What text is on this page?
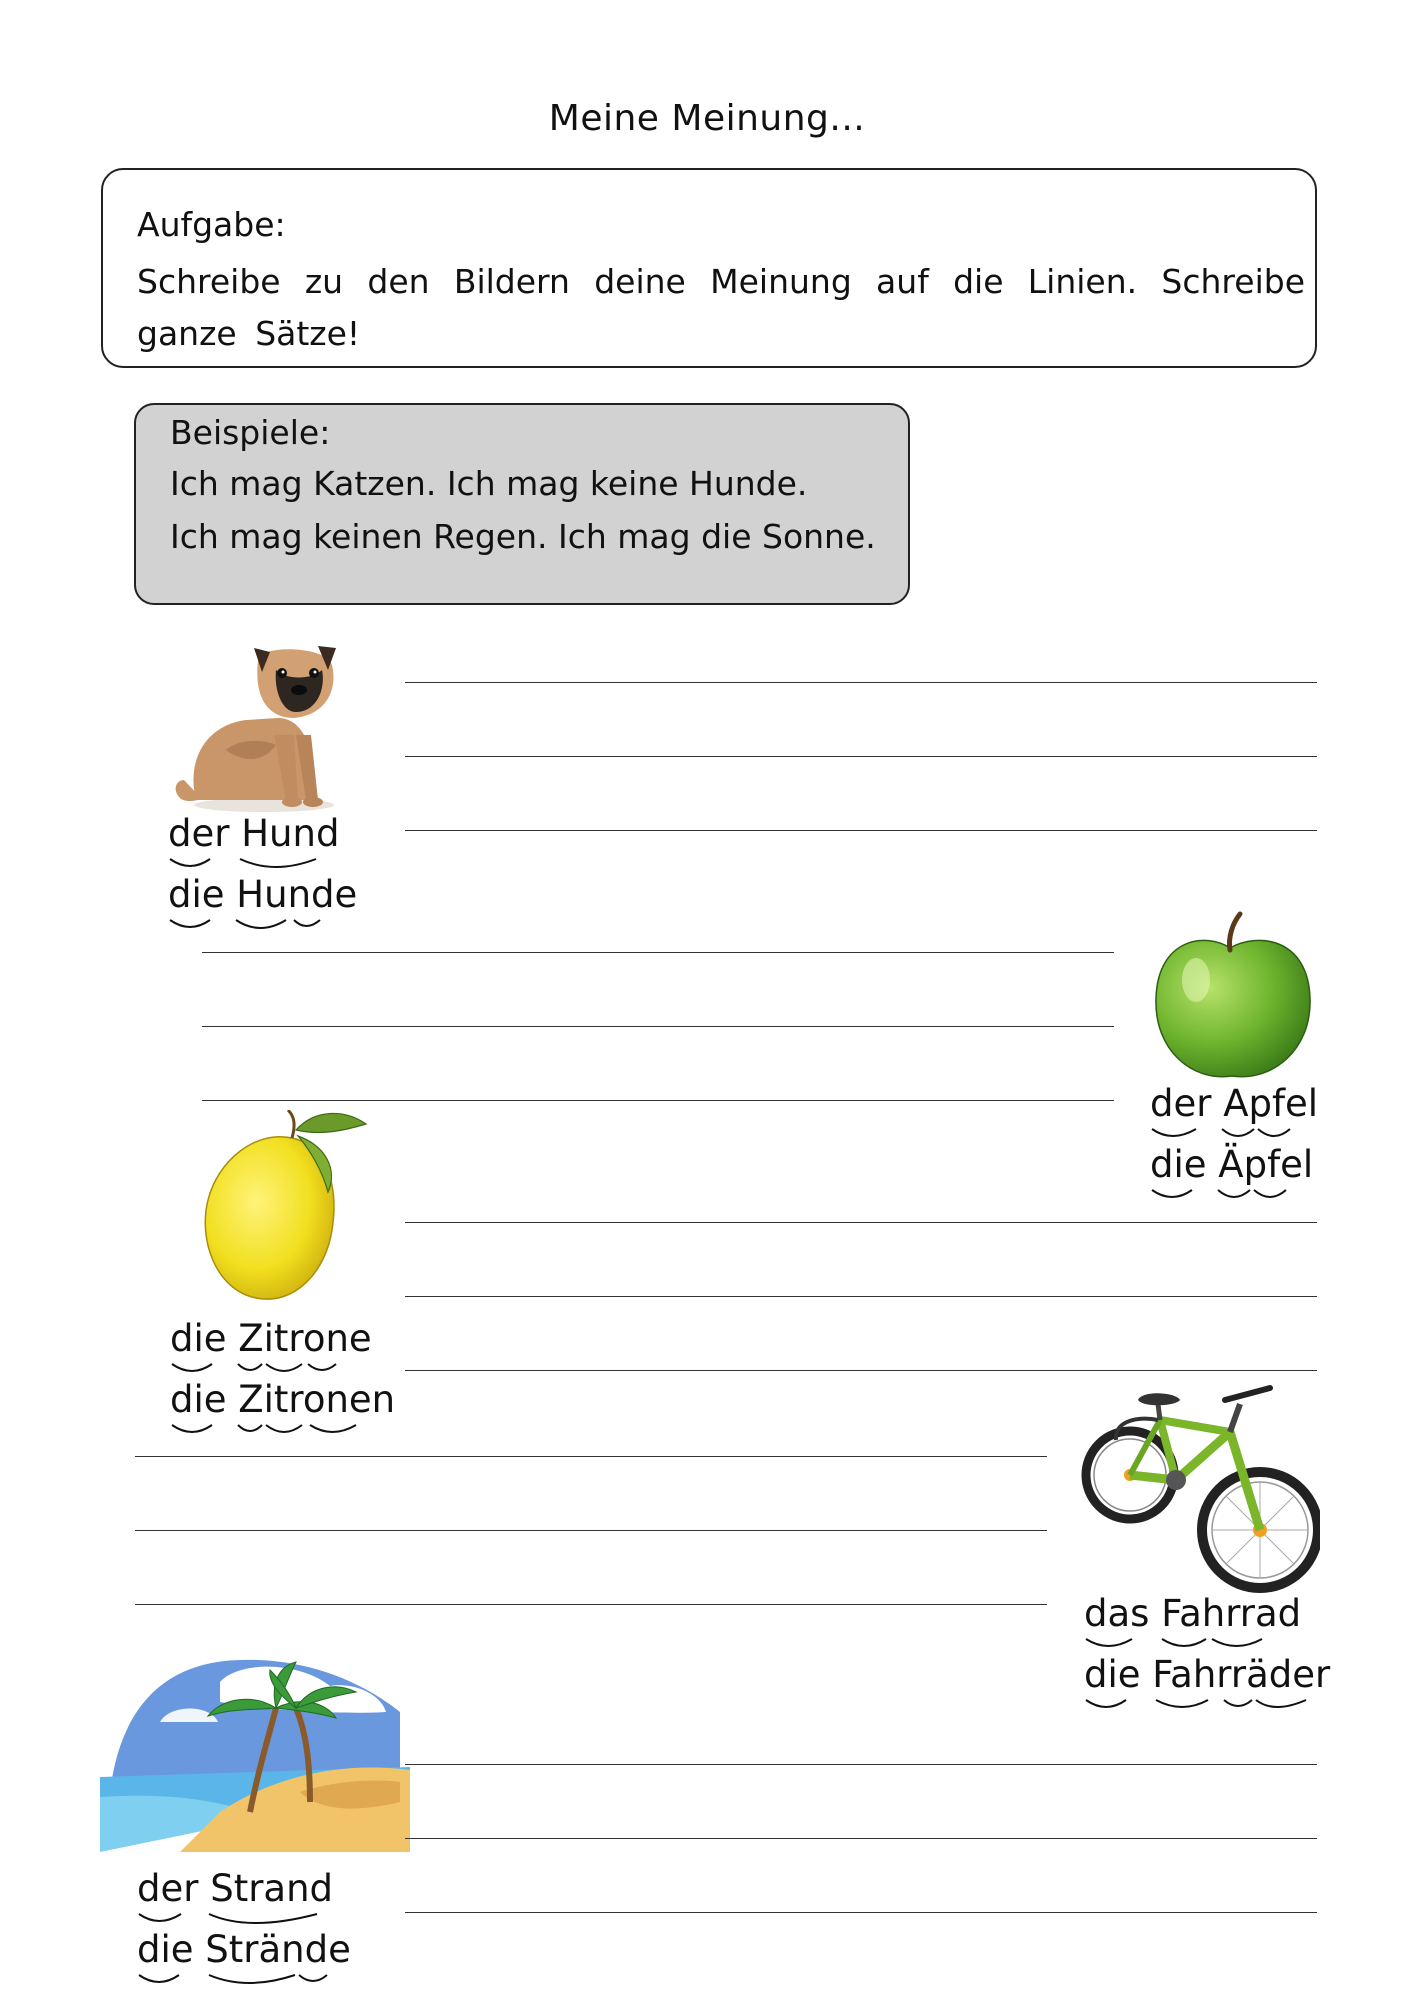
Meine Meinung...
Aufgabe:
Schreibe zu den Bildern deine Meinung auf die Linien. Schreibe ganze Sätze!
Beispiele:
Ich mag Katzen. Ich mag keine Hunde.
Ich mag keinen Regen. Ich mag die Sonne.
der Hund
die Hunde
der Apfel
die Äpfel
die Zitrone
die Zitronen
das Fahrrad
die Fahrräder
der Strand
die Strände
